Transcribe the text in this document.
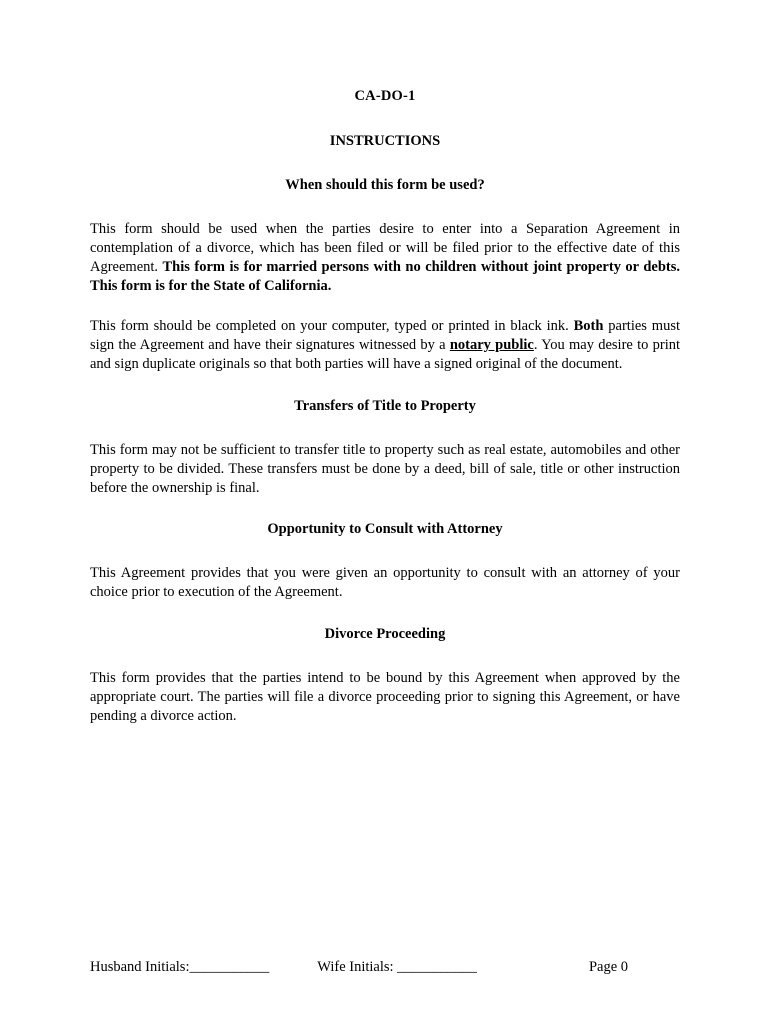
CA-DO-1
INSTRUCTIONS
When should this form be used?

This form should be used when the parties desire to enter into a Separation Agreement in contemplation of a divorce, which has been filed or will be filed prior to the effective date of this Agreement. This form is for married persons with no children without joint property or debts. This form is for the State of California.

This form should be completed on your computer, typed or printed in black ink. Both parties must sign the Agreement and have their signatures witnessed by a notary public. You may desire to print and sign duplicate originals so that both parties will have a signed original of the document.

Transfers of Title to Property

This form may not be sufficient to transfer title to property such as real estate, automobiles and other property to be divided. These transfers must be done by a deed, bill of sale, title or other instruction before the ownership is final.

Opportunity to Consult with Attorney

This Agreement provides that you were given an opportunity to consult with an attorney of your choice prior to execution of the Agreement.

Divorce Proceeding

This form provides that the parties intend to be bound by this Agreement when approved by the appropriate court. The parties will file a divorce proceeding prior to signing this Agreement, or have pending a divorce action.

Husband Initials:___________	Wife Initials: ___________	Page 0
